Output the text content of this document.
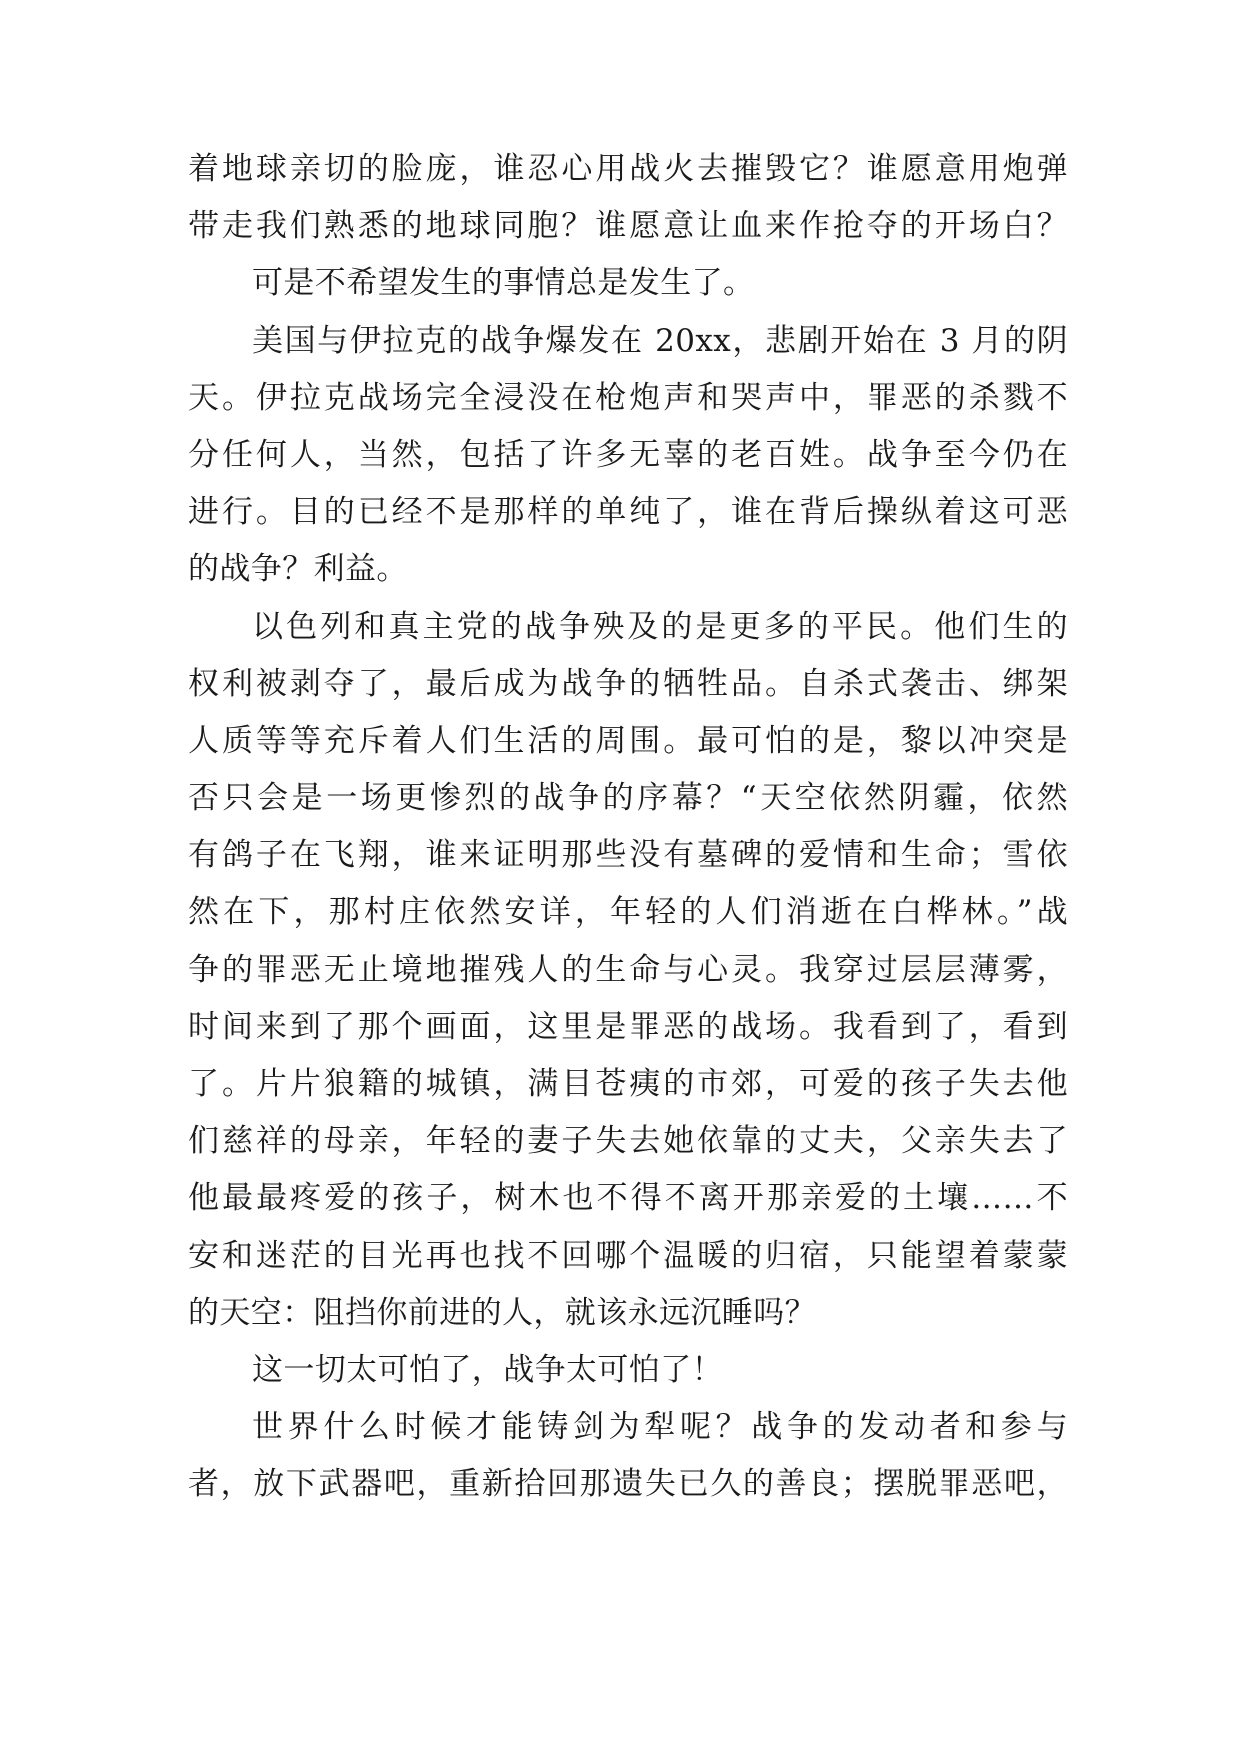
着地球亲切的脸庞，谁忍心用战火去摧毁它？谁愿意用炮弹
带走我们熟悉的地球同胞？谁愿意让血来作抢夺的开场白？
可是不希望发生的事情总是发生了。
美国与伊拉克的战争爆发在 20xx，悲剧开始在 3 月的阴
天。伊拉克战场完全浸没在枪炮声和哭声中，罪恶的杀戮不
分任何人，当然，包括了许多无辜的老百姓。战争至今仍在
进行。目的已经不是那样的单纯了，谁在背后操纵着这可恶
的战争？利益。
以色列和真主党的战争殃及的是更多的平民。他们生的
权利被剥夺了，最后成为战争的牺牲品。自杀式袭击、绑架
人质等等充斥着人们生活的周围。最可怕的是，黎以冲突是
否只会是一场更惨烈的战争的序幕？“天空依然阴霾，依然
有鸽子在飞翔，谁来证明那些没有墓碑的爱情和生命；雪依
然在下，那村庄依然安详，年轻的人们消逝在白桦林。”战
争的罪恶无止境地摧残人的生命与心灵。我穿过层层薄雾，
时间来到了那个画面，这里是罪恶的战场。我看到了，看到
了。片片狼籍的城镇，满目苍痍的市郊，可爱的孩子失去他
们慈祥的母亲，年轻的妻子失去她依靠的丈夫，父亲失去了
他最最疼爱的孩子，树木也不得不离开那亲爱的土壤……不
安和迷茫的目光再也找不回哪个温暖的归宿，只能望着蒙蒙
的天空：阻挡你前进的人，就该永远沉睡吗？
这一切太可怕了，战争太可怕了！
世界什么时候才能铸剑为犁呢？战争的发动者和参与
者，放下武器吧，重新拾回那遗失已久的善良；摆脱罪恶吧，
